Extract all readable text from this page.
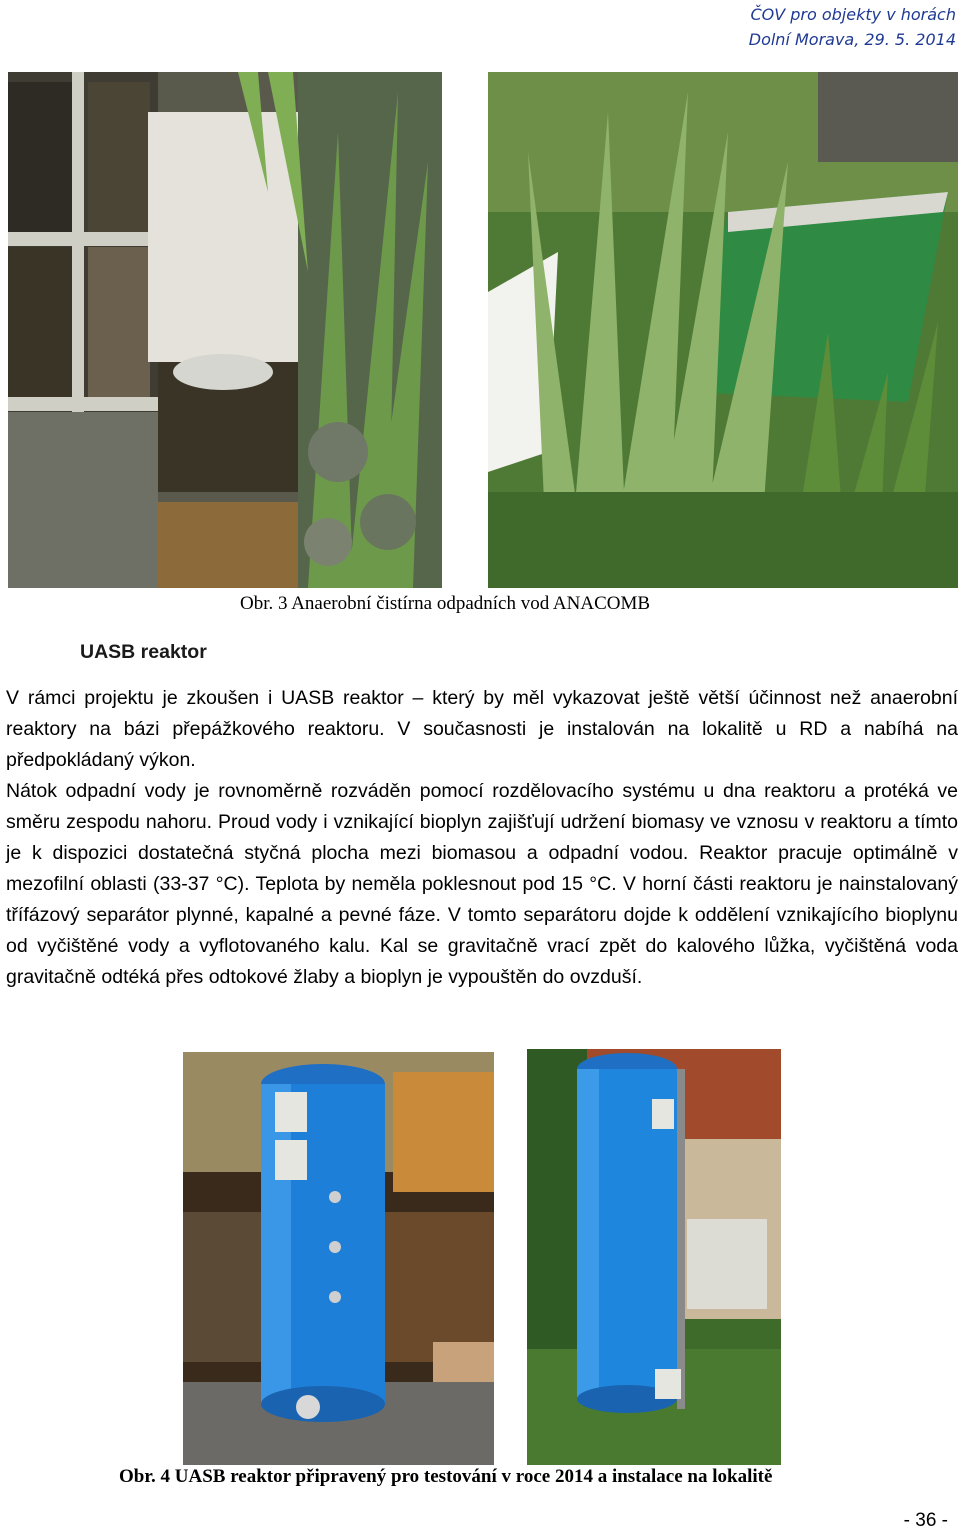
ČOV pro objekty v horách
Dolní Morava, 29. 5. 2014
Obr. 3 Anaerobní čistírna odpadních vod ANACOMB
UASB reaktor

V rámci projektu je zkoušen i UASB reaktor – který by měl vykazovat ještě větší účinnost než anaerobní reaktory na bázi přepážkového reaktoru. V současnosti je instalován na lokalitě u RD a nabíhá na předpokládaný výkon.

Nátok odpadní vody je rovnoměrně rozváděn pomocí rozdělovacího systému u dna reaktoru a protéká ve směru zespodu nahoru. Proud vody i vznikající bioplyn zajišťují udržení biomasy ve vznosu v reaktoru a tímto je k dispozici dostatečná styčná plocha mezi biomasou a odpadní vodou. Reaktor pracuje optimálně v mezofilní oblasti (33-37 °C). Teplota by neměla poklesnout pod 15 °C. V horní části reaktoru je nainstalovaný třífázový separátor plynné, kapalné a pevné fáze. V tomto separátoru dojde k oddělení vznikajícího bioplynu od vyčištěné vody a vyflotovaného kalu. Kal se gravitačně vrací zpět do kalového lůžka, vyčištěná voda gravitačně odtéká přes odtokové žlaby a bioplyn je vypouštěn do ovzduší.

Obr. 4 UASB reaktor připravený pro testování v roce 2014 a instalace na lokalitě
- 36 -
